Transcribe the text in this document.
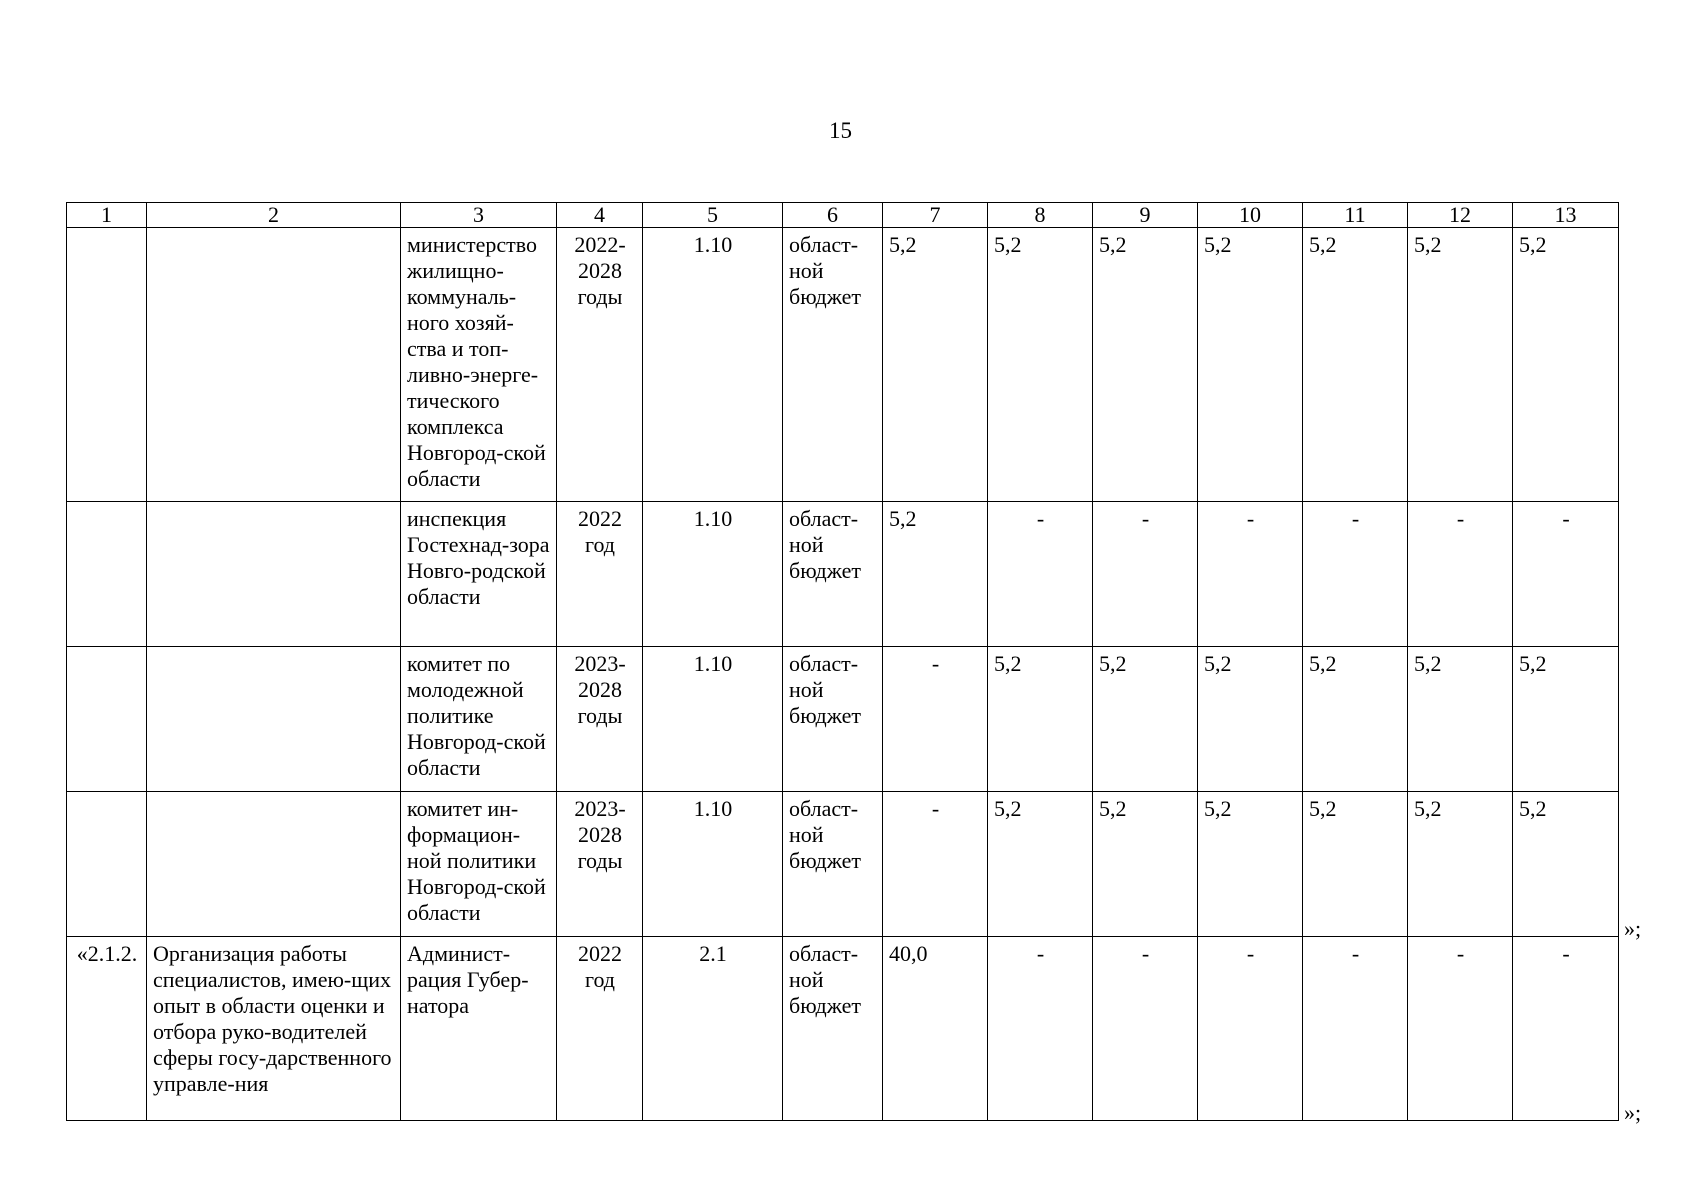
15
1	2	3	4	5	6	7	8	9	10	11	12	13
		министерство жилищно-коммуналь-ного хозяй-ства и топ-ливно-энерге-тического комплекса Новгород-ской области	2022-2028 годы	1.10	област-ной бюджет	5,2	5,2	5,2	5,2	5,2	5,2	5,2
		инспекция Гостехнад-зора Новго-родской области	2022 год	1.10	област-ной бюджет	5,2	-	-	-	-	-	-
		комитет по молодежной политике Новгород-ской области	2023-2028 годы	1.10	област-ной бюджет	-	5,2	5,2	5,2	5,2	5,2	5,2
		комитет ин-формацион-ной политики Новгород-ской области	2023-2028 годы	1.10	област-ной бюджет	-	5,2	5,2	5,2	5,2	5,2	5,2
«2.1.2.	Организация работы специалистов, имею-щих опыт в области оценки и отбора руко-водителей сферы госу-дарственного управле-ния	Админист-рация Губер-натора	2022 год	2.1	област-ной бюджет	40,0	-	-	-	-	-	-
»;
»;
